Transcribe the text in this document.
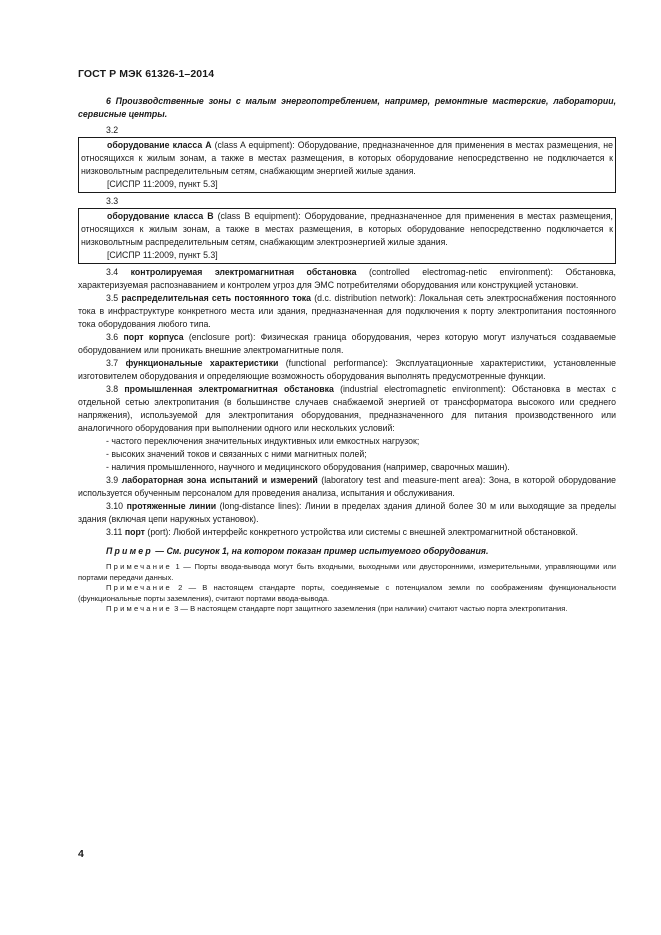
ГОСТ Р МЭК 61326-1–2014

6 Производственные зоны с малым энергопотреблением, например, ремонтные мастерские, лаборатории, сервисные центры.

3.2

оборудование класса А (class A equipment): Оборудование, предназначенное для применения в местах размещения, не относящихся к жилым зонам, а также в местах размещения, в которых оборудование непосредственно не подключается к низковольтным распределительным сетям, снабжающим энергией жилые здания.

[СИСПР 11:2009, пункт 5.3]

3.3

оборудование класса В (class В equipment): Оборудование, предназначенное для применения в местах размещения, относящихся к жилым зонам, а также в местах размещения, в которых оборудование непосредственно подключается к низковольтным распределительным сетям, снабжающим электроэнергией жилые здания.

[СИСПР 11:2009, пункт 5.3]

3.4 контролируемая электромагнитная обстановка (controlled electromag-netic environment): Обстановка, характеризуемая распознаванием и контролем угроз для ЭМС потребителями оборудования или конструкцией установки.

3.5 распределительная сеть постоянного тока (d.c. distribution network): Локальная сеть электроснабжения постоянного тока в инфраструктуре конкретного места или здания, предназначенная для подключения к порту электропитания постоянного тока оборудования любого типа.

3.6 порт корпуса (enclosure port): Физическая граница оборудования, через которую могут излучаться создаваемые оборудованием или проникать внешние электромагнитные поля.

3.7 функциональные характеристики (functional performance): Эксплуатационные характеристики, установленные изготовителем оборудования и определяющие возможность оборудования выполнять предусмотренные функции.

3.8 промышленная электромагнитная обстановка (industrial electromagnetic environment): Обстановка в местах с отдельной сетью электропитания (в большинстве случаев снабжаемой энергией от трансформатора высокого или среднего напряжения), используемой для электропитания оборудования, предназначенного для питания производственного или аналогичного оборудования при выполнении одного или нескольких условий:

- частого переключения значительных индуктивных или емкостных нагрузок;

- высоких значений токов и связанных с ними магнитных полей;

- наличия промышленного, научного и медицинского оборудования (например, сварочных машин).

3.9 лабораторная зона испытаний и измерений (laboratory test and measure-ment area): Зона, в которой оборудование используется обученным персоналом для проведения анализа, испытания и обслуживания.

3.10 протяженные линии (long-distance lines): Линии в пределах здания длиной более 30 м или выходящие за пределы здания (включая цепи наружных установок).

3.11 порт (port): Любой интерфейс конкретного устройства или системы с внешней электромагнитной обстановкой.

Пример — См. рисунок 1, на котором показан пример испытуемого оборудования.

Примечание 1 — Порты ввода-вывода могут быть входными, выходными или двусторонними, измерительными, управляющими или портами передачи данных.

Примечание 2 — В настоящем стандарте порты, соединяемые с потенциалом земли по соображениям функциональности (функциональные порты заземления), считают портами ввода-вывода.

Примечание 3 — В настоящем стандарте порт защитного заземления (при наличии) считают частью порта электропитания.

4
